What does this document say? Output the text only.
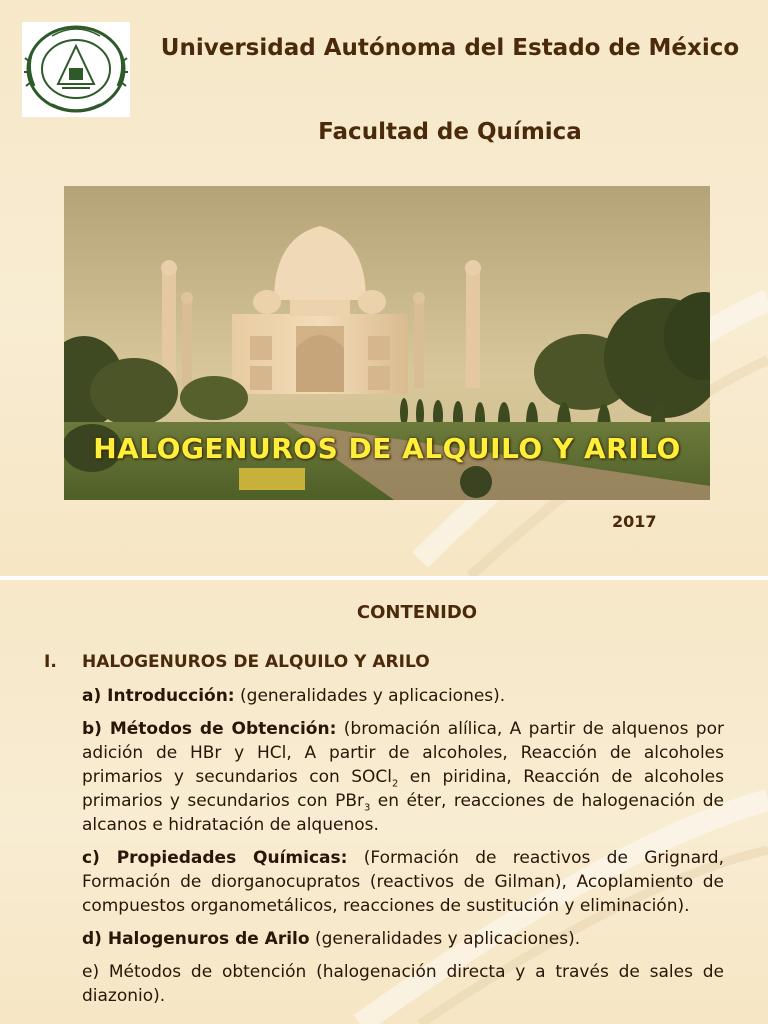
Universidad Autónoma del Estado de México
Facultad de Química
HALOGENUROS DE ALQUILO Y ARILO
2017
CONTENIDO
I. HALOGENUROS DE ALQUILO Y ARILO
a) Introducción: (generalidades y aplicaciones).
b) Métodos de Obtención: (bromación alílica, A partir de alquenos por adición de HBr y HCl, A partir de alcoholes, Reacción de alcoholes primarios y secundarios con SOCl$_2$ en piridina, Reacción de alcoholes primarios y secundarios con PBr$_3$ en éter, reacciones de halogenación de alcanos e hidratación de alquenos.
c) Propiedades Químicas: (Formación de reactivos de Grignard, Formación de diorganocupratos (reactivos de Gilman), Acoplamiento de compuestos organometálicos, reacciones de sustitución y eliminación).
d) Halogenuros de Arilo (generalidades y aplicaciones).
e) Métodos de obtención (halogenación directa y a través de sales de diazonio).
